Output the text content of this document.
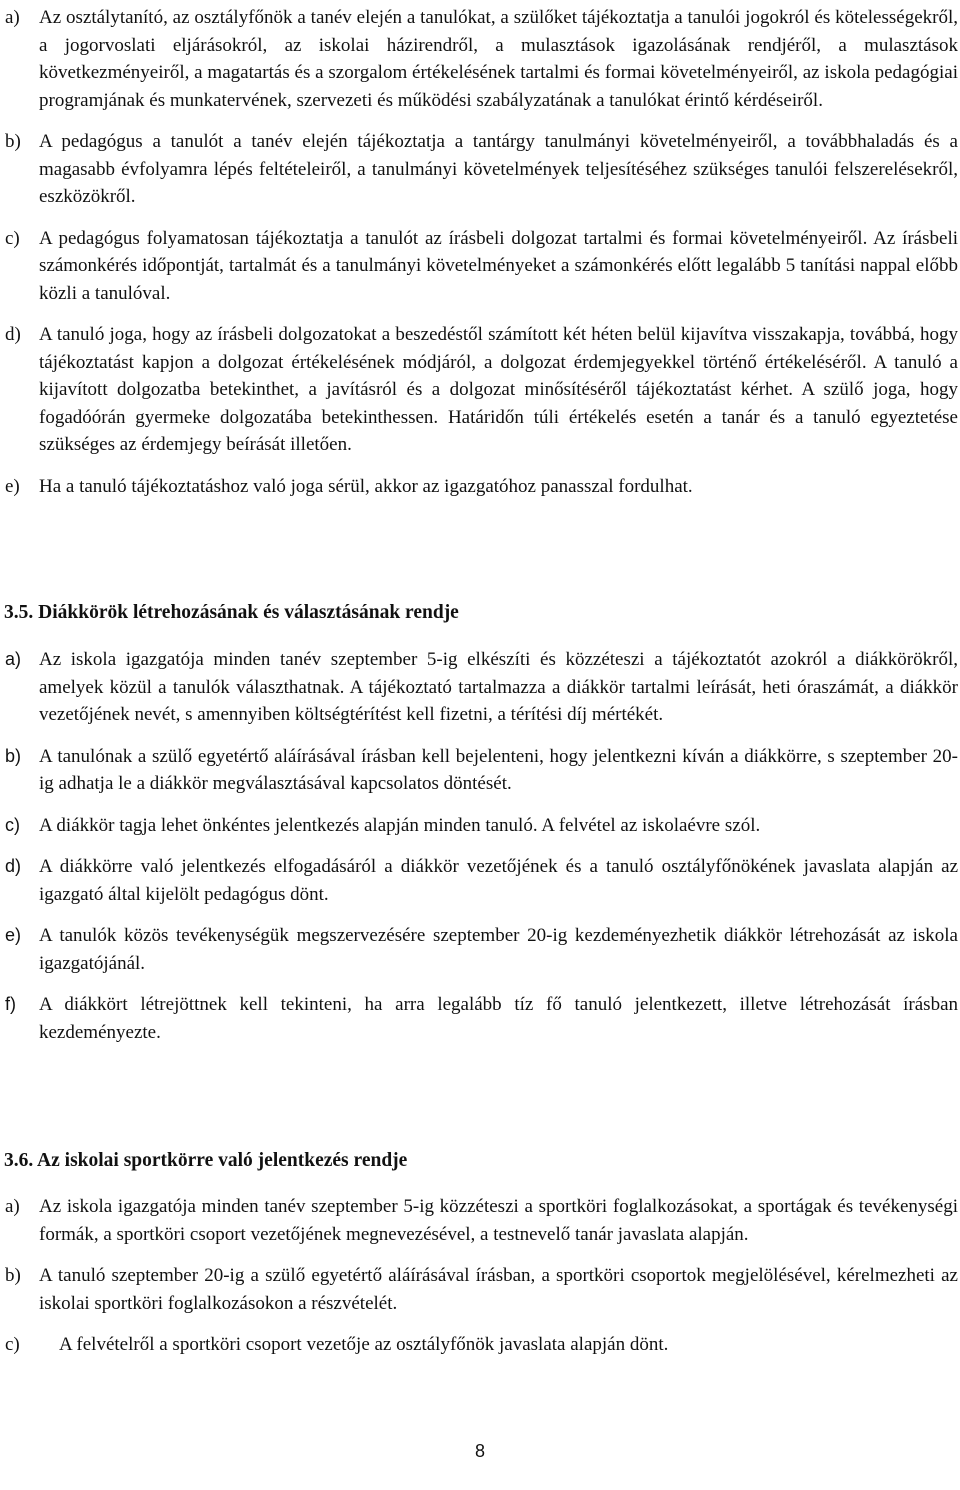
a)	Az osztálytanító, az osztályfőnök a tanév elején a tanulókat, a szülőket tájékoztatja a tanulói jogokról és kötelességekről, a jogorvoslati eljárásokról, az iskolai házirendről, a mulasztások igazolásának rendjéről, a mulasztások következményeiről, a magatartás és a szorgalom értékelésének tartalmi és formai követelményeiről, az iskola pedagógiai programjának és munkatervének, szervezeti és működési szabályzatának a tanulókat érintő kérdéseiről.
b) A pedagógus a tanulót a tanév elején tájékoztatja a tantárgy tanulmányi követelményeiről, a továbbhaladás és a magasabb évfolyamra lépés feltételeiről, a tanulmányi követelmények teljesítéséhez szükséges tanulói felszerelésekről, eszközökről.
c)	A pedagógus folyamatosan tájékoztatja a tanulót az írásbeli dolgozat tartalmi és formai követelményeiről. Az írásbeli számonkérés időpontját, tartalmát és a tanulmányi követelményeket a számonkérés előtt legalább 5 tanítási nappal előbb közli a tanulóval.
d) A tanuló joga, hogy az írásbeli dolgozatokat a beszedéstől számított két héten belül kijavítva visszakapja, továbbá, hogy tájékoztatást kapjon a dolgozat értékelésének módjáról, a dolgozat érdemjegyekkel történő értékeléséről. A tanuló a kijavított dolgozatba betekinthet, a javításról és a dolgozat minősítéséről tájékoztatást kérhet. A szülő joga, hogy fogadóórán gyermeke dolgozatába betekinthessen. Határidőn túli értékelés esetén a tanár és a tanuló egyeztetése szükséges az érdemjegy beírását illetően.
e)	Ha a tanuló tájékoztatáshoz való joga sérül, akkor az igazgatóhoz panasszal fordulhat.
3.5. Diákkörök létrehozásának és választásának rendje
a) Az iskola igazgatója minden tanév szeptember 5-ig elkészíti és közzéteszi a tájékoztatót azokról a diákkörökről, amelyek közül a tanulók választhatnak. A tájékoztató tartalmazza a diákkör tartalmi leírását, heti óraszámát, a diákkör vezetőjének nevét, s amennyiben költségtérítést kell fizetni, a térítési díj mértékét.
b) A tanulónak a szülő egyetértő aláírásával írásban kell bejelenteni, hogy jelentkezni kíván a diákkörre, s szeptember 20-ig adhatja le a diákkör megválasztásával kapcsolatos döntését.
c)	A diákkör tagja lehet önkéntes jelentkezés alapján minden tanuló. A felvétel az iskolaévre szól.
d) A diákkörre való jelentkezés elfogadásáról a diákkör vezetőjének és a tanuló osztályfőnökének javaslata alapján az igazgató által kijelölt pedagógus dönt.
e) A tanulók közös tevékenységük megszervezésére szeptember 20-ig kezdeményezhetik diákkör létrehozását az iskola igazgatójánál.
f)	A diákkört létrejöttnek kell tekinteni, ha arra legalább tíz fő tanuló jelentkezett, illetve létrehozását írásban kezdeményezte.
3.6. Az iskolai sportkörre való jelentkezés rendje
a)	Az iskola igazgatója minden tanév szeptember 5-ig közzéteszi a sportköri foglalkozásokat, a sportágak és tevékenységi formák, a sportköri csoport vezetőjének megnevezésével, a testnevelő tanár javaslata alapján.
b) A tanuló szeptember 20-ig a szülő egyetértő aláírásával írásban, a sportköri csoportok megjelölésével, kérelmezheti az iskolai sportköri foglalkozásokon a részvételét.
c)	A felvételről a sportköri csoport vezetője az osztályfőnök javaslata alapján dönt.
8
